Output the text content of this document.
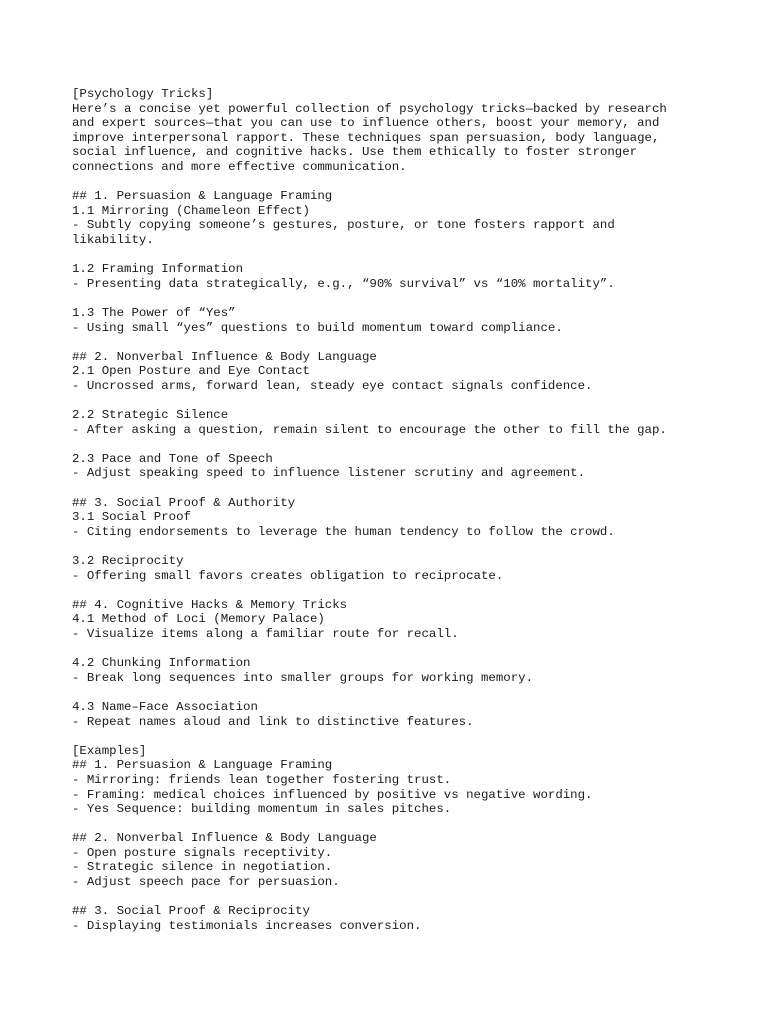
[Psychology Tricks]
Here’s a concise yet powerful collection of psychology tricks—backed by research
and expert sources—that you can use to influence others, boost your memory, and
improve interpersonal rapport. These techniques span persuasion, body language,
social influence, and cognitive hacks. Use them ethically to foster stronger
connections and more effective communication.
## 1. Persuasion & Language Framing
1.1 Mirroring (Chameleon Effect)
- Subtly copying someone’s gestures, posture, or tone fosters rapport and
likability.
1.2 Framing Information
- Presenting data strategically, e.g., “90% survival” vs “10% mortality”.
1.3 The Power of “Yes”
- Using small “yes” questions to build momentum toward compliance.
## 2. Nonverbal Influence & Body Language
2.1 Open Posture and Eye Contact
- Uncrossed arms, forward lean, steady eye contact signals confidence.
2.2 Strategic Silence
- After asking a question, remain silent to encourage the other to fill the gap.
2.3 Pace and Tone of Speech
- Adjust speaking speed to influence listener scrutiny and agreement.
## 3. Social Proof & Authority
3.1 Social Proof
- Citing endorsements to leverage the human tendency to follow the crowd.
3.2 Reciprocity
- Offering small favors creates obligation to reciprocate.
## 4. Cognitive Hacks & Memory Tricks
4.1 Method of Loci (Memory Palace)
- Visualize items along a familiar route for recall.
4.2 Chunking Information
- Break long sequences into smaller groups for working memory.
4.3 Name–Face Association
- Repeat names aloud and link to distinctive features.
[Examples]
## 1. Persuasion & Language Framing
- Mirroring: friends lean together fostering trust.
- Framing: medical choices influenced by positive vs negative wording.
- Yes Sequence: building momentum in sales pitches.
## 2. Nonverbal Influence & Body Language
- Open posture signals receptivity.
- Strategic silence in negotiation.
- Adjust speech pace for persuasion.
## 3. Social Proof & Reciprocity
- Displaying testimonials increases conversion.
